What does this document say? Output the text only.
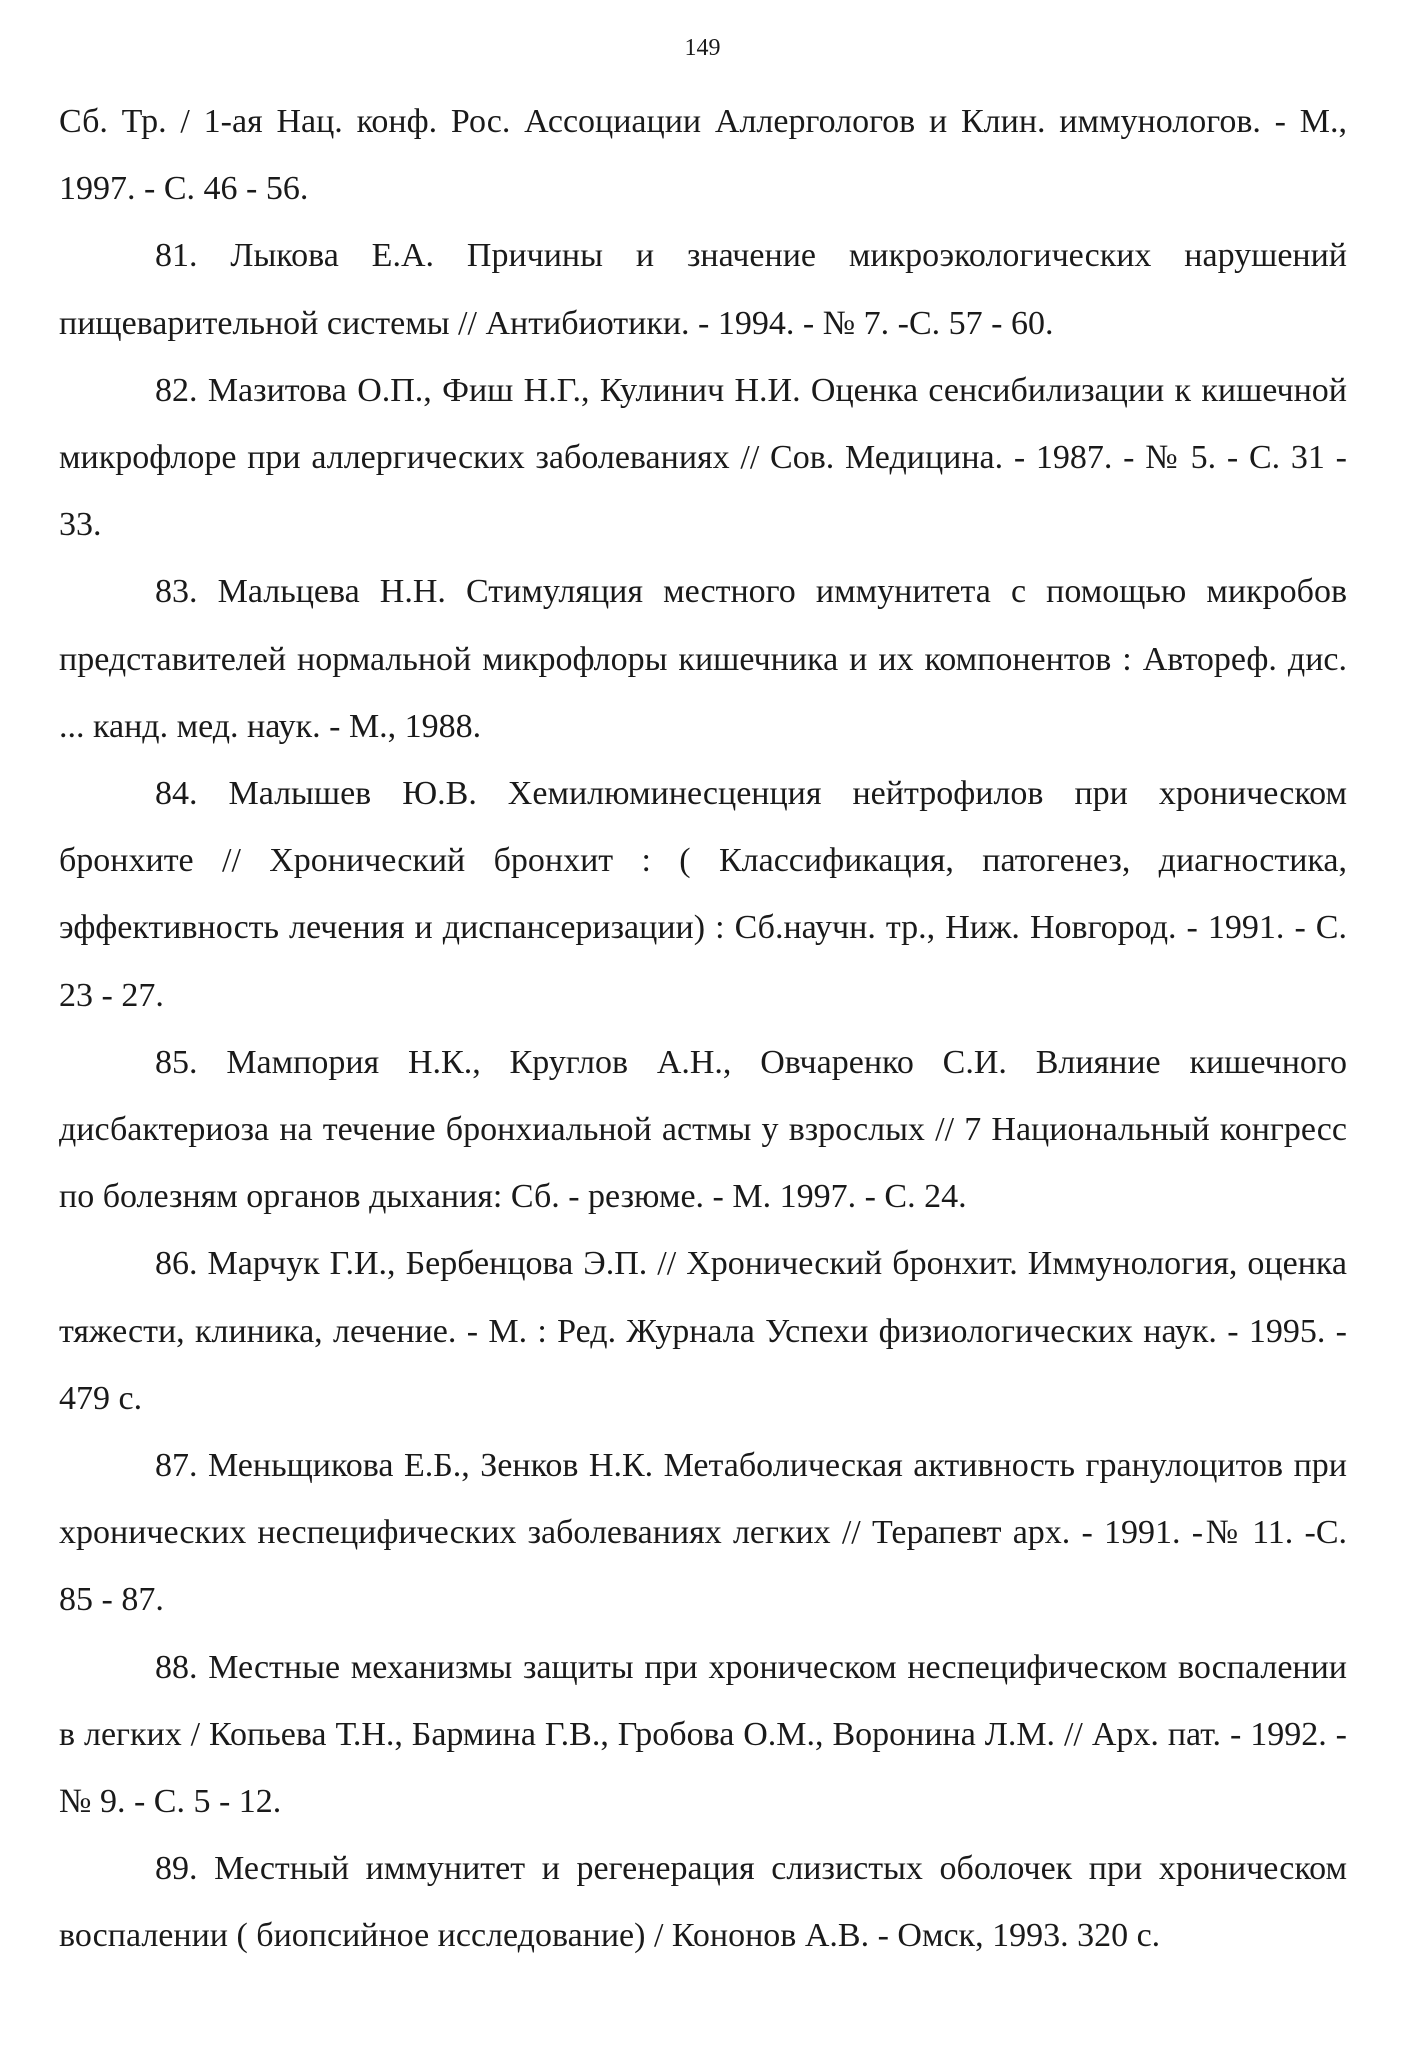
149

Сб. Тр. / 1-ая Нац. конф. Рос. Ассоциации Аллергологов и Клин. иммунологов. - М., 1997. - С. 46 - 56.

81. Лыкова Е.А. Причины и значение микроэкологических нарушений пищеварительной системы // Антибиотики. - 1994. - № 7. -С. 57 - 60.

82. Мазитова О.П., Фиш Н.Г., Кулинич Н.И. Оценка сенсибилизации к кишечной микрофлоре при аллергических заболеваниях // Сов. Медицина. - 1987. - № 5. - С. 31 - 33.

83. Мальцева Н.Н. Стимуляция местного иммунитета с помощью микробов представителей нормальной микрофлоры кишечника и их компонентов : Автореф. дис. ... канд. мед. наук. - М., 1988.

84. Малышев Ю.В. Хемилюминесценция нейтрофилов при хроническом бронхите // Хронический бронхит : ( Классификация, патогенез, диагностика, эффективность лечения и диспансеризации) : Сб.научн. тр., Ниж. Новгород. - 1991. - С. 23 - 27.

85. Мампория Н.К., Круглов А.Н., Овчаренко С.И. Влияние кишечного дисбактериоза на течение бронхиальной астмы у взрослых // 7 Национальный конгресс по болезням органов дыхания: Сб. - резюме. - М. 1997. - С. 24.

86. Марчук Г.И., Бербенцова Э.П. // Хронический бронхит. Иммунология, оценка тяжести, клиника, лечение. - М. : Ред. Журнала Успехи физиологических наук. - 1995. - 479 с.

87. Меньщикова Е.Б., Зенков Н.К. Метаболическая активность гранулоцитов при хронических неспецифических заболеваниях легких // Терапевт арх. - 1991. -№ 11. -С. 85 - 87.

88. Местные механизмы защиты при хроническом неспецифическом воспалении в легких / Копьева Т.Н., Бармина Г.В., Гробова О.М., Воронина Л.М. // Арх. пат. - 1992. - № 9. - С. 5 - 12.

89. Местный иммунитет и регенерация слизистых оболочек при хроническом воспалении ( биопсийное исследование) / Кононов А.В. - Омск, 1993. 320 с.
